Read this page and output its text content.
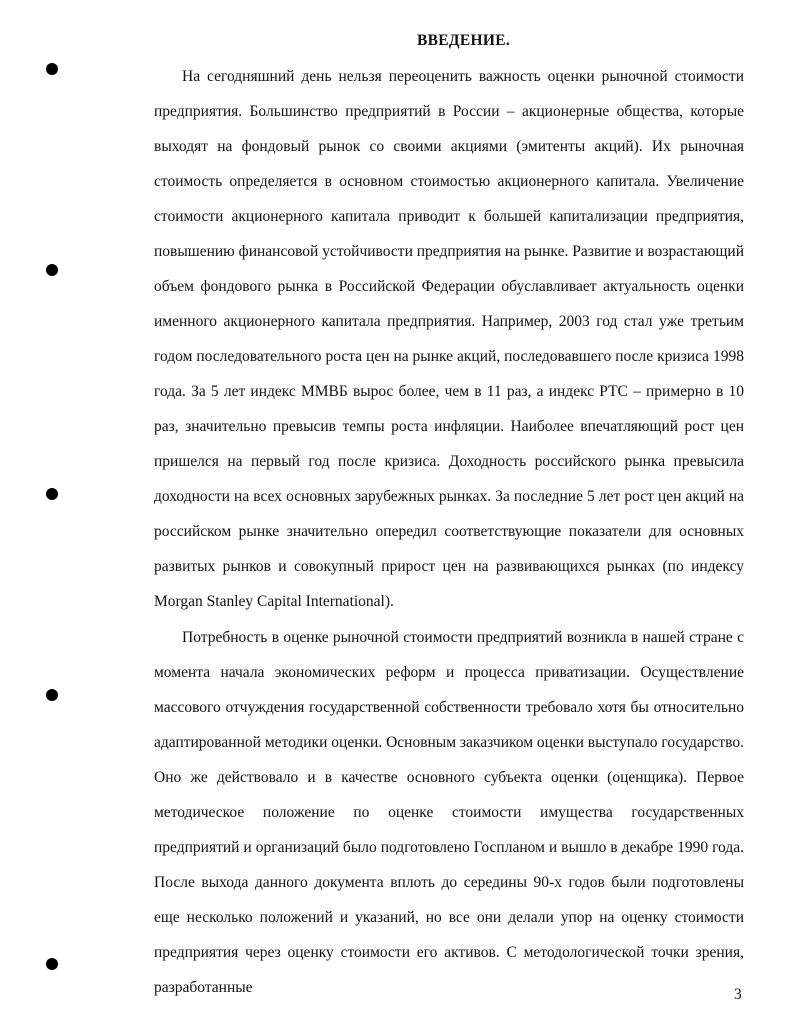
ВВЕДЕНИЕ.

На сегодняшний день нельзя переоценить важность оценки рыночной стоимости предприятия. Большинство предприятий в России – акционерные общества, которые выходят на фондовый рынок со своими акциями (эмитенты акций). Их рыночная стоимость определяется в основном стоимостью акционерного капитала. Увеличение стоимости акционерного капитала приводит к большей капитализации предприятия, повышению финансовой устойчивости предприятия на рынке. Развитие и возрастающий объем фондового рынка в Российской Федерации обуславливает актуальность оценки именного акционерного капитала предприятия. Например, 2003 год стал уже третьим годом последовательного роста цен на рынке акций, последовавшего после кризиса 1998 года. За 5 лет индекс ММВБ вырос более, чем в 11 раз, а индекс РТС – примерно в 10 раз, значительно превысив темпы роста инфляции. Наиболее впечатляющий рост цен пришелся на первый год после кризиса. Доходность российского рынка превысила доходности на всех основных зарубежных рынках. За последние 5 лет рост цен акций на российском рынке значительно опередил соответствующие показатели для основных развитых рынков и совокупный прирост цен на развивающихся рынках (по индексу Morgan Stanley Capital International).

Потребность в оценке рыночной стоимости предприятий возникла в нашей стране с момента начала экономических реформ и процесса приватизации. Осуществление массового отчуждения государственной собственности требовало хотя бы относительно адаптированной методики оценки. Основным заказчиком оценки выступало государство. Оно же действовало и в качестве основного субъекта оценки (оценщика). Первое методическое положение по оценке стоимости имущества государственных предприятий и организаций было подготовлено Госпланом и вышло в декабре 1990 года. После выхода данного документа вплоть до середины 90-х годов были подготовлены еще несколько положений и указаний, но все они делали упор на оценку стоимости предприятия через оценку стоимости его активов. С методологической точки зрения, разработанные	3
